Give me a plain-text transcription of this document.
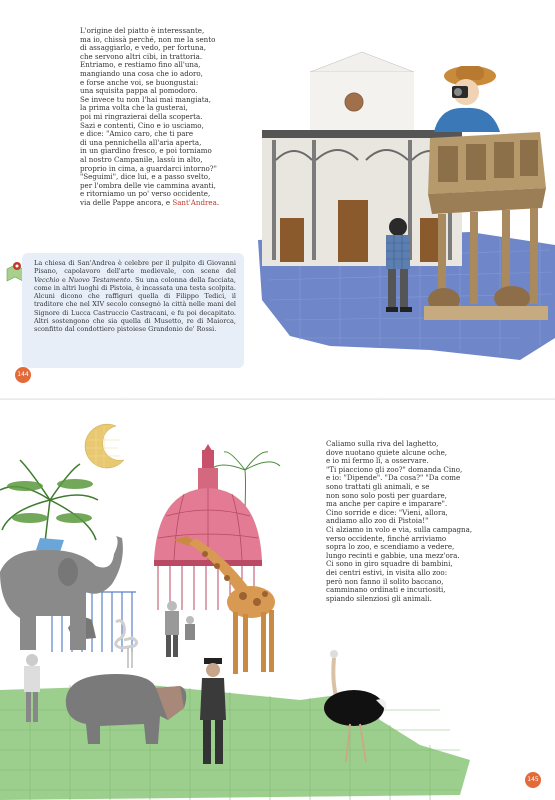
L'origine del piatto è interessante,
ma io, chissà perché, non me la sento
di assaggiarlo, e vedo, per fortuna,
che servono altri cibi, in trattoria.
Entriamo, e restiamo fino all'una,
mangiando una cosa che io adoro,
e forse anche voi, se buongustai:
una squisita pappa al pomodoro.
Se invece tu non l'hai mai mangiata,
la prima volta che la gusterai,
poi mi ringrazierai della scoperta.
Sazi e contenti, Cino e io usciamo,
e dice: "Amico caro, che ti pare
di una pennichella all'aria aperta,
in un giardino fresco, e poi torniamo
al nostro Campanile, lassù in alto,
proprio in cima, a guardarci intorno?"
"Seguimi", dice lui, e a passo svelto,
per l'ombra delle vie cammina avanti,
e ritorniamo un po' verso occidente,
via delle Pappe ancora, e Sant'Andrea.
La chiesa di San'Andrea è celebre per il pulpito di Giovanni Pisano, capolavoro dell'arte medievale, con scene del Vecchio e Nuovo Testamento. Su una colonna della facciata, come in altri luoghi di Pistoia, è incassata una testa scolpita. Alcuni dicono che raffiguri quella di Filippo Tedici, il traditore che nel XIV secolo consegnò la città nelle mani del Signore di Lucca Castruccio Castracani, e fu poi decapitato. Altri sostengono che sia quella di Musetto, re di Maiorca, sconfitto dal condottiero pistoiese Grandonio de' Rossi.
144
Caliamo sulla riva del laghetto,
dove nuotano quiete alcune oche,
e io mi fermo lì, a osservare.
"Ti piacciono gli zoo?" domanda Cino,
e io: "Dipende". "Da cosa?" "Da come
sono trattati gli animali, e se
non sono solo posti per guardare,
ma anche per capire e imparare".
Cino sorride e dice: "Vieni, allora,
andiamo allo zoo di Pistoia!"
Ci alziamo in volo e via, sulla campagna,
verso occidente, finché arriviamo
sopra lo zoo, e scendiamo a vedere,
lungo recinti e gabbie, una mezz'ora.
Ci sono in giro squadre di bambini,
dei centri estivi, in visita allo zoo:
però non fanno il solito baccano,
camminano ordinati e incuriositi,
spiando silenziosi gli animali.
145
